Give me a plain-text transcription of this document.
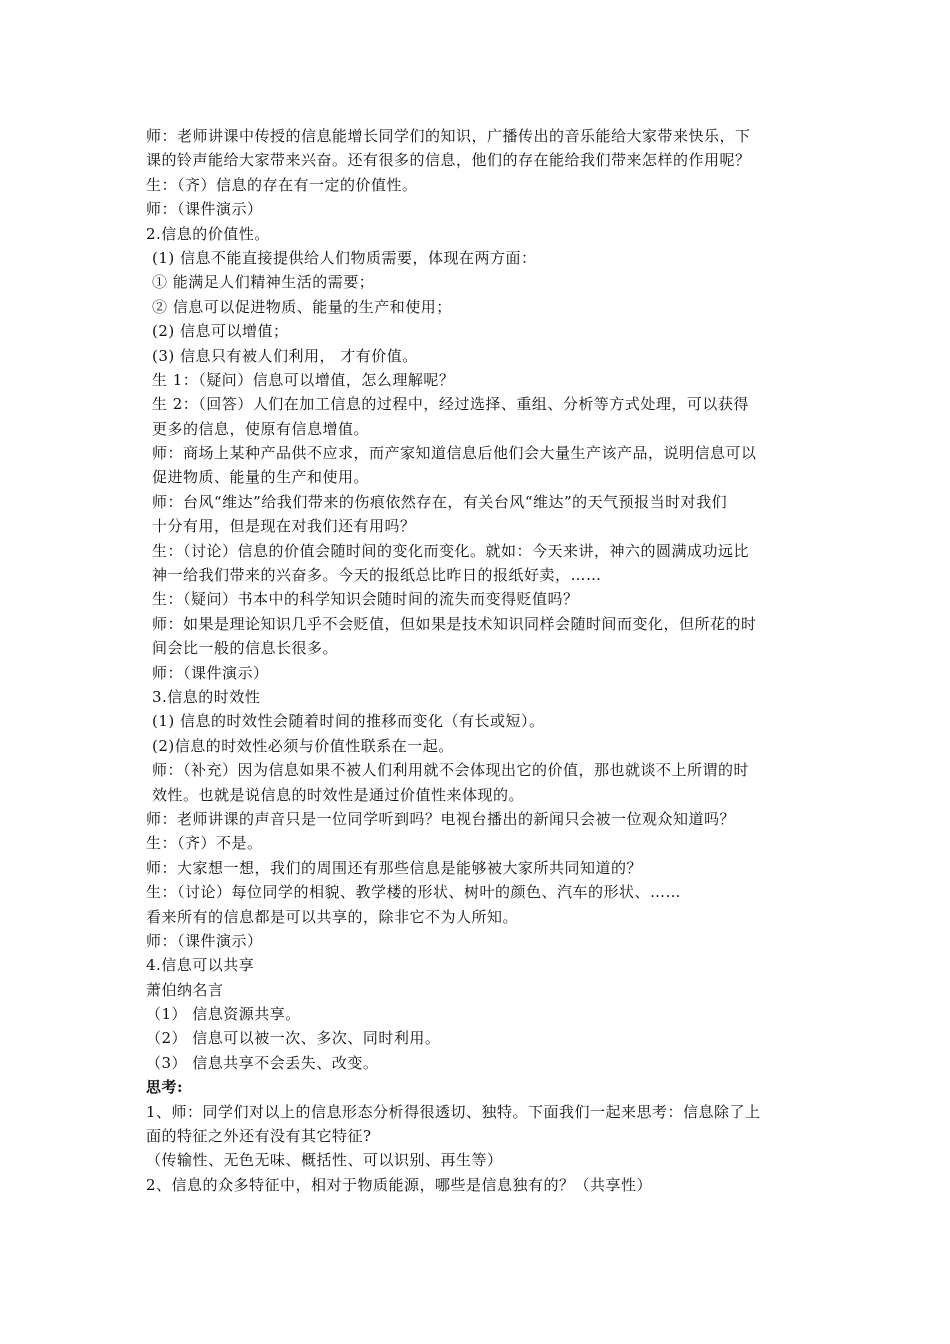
师：老师讲课中传授的信息能增长同学们的知识，广播传出的音乐能给大家带来快乐，下
课的铃声能给大家带来兴奋。还有很多的信息，他们的存在能给我们带来怎样的作用呢？
生：（齐）信息的存在有一定的价值性。
师：（课件演示）
2.信息的价值性。
(1) 信息不能直接提供给人们物质需要，体现在两方面：
① 能满足人们精神生活的需要；
② 信息可以促进物质、能量的生产和使用；
(2) 信息可以增值；
(3) 信息只有被人们利用， 才有价值。
生 1：（疑问）信息可以增值，怎么理解呢？
生 2：（回答）人们在加工信息的过程中，经过选择、重组、分析等方式处理，可以获得
更多的信息，使原有信息增值。
师：商场上某种产品供不应求，而产家知道信息后他们会大量生产该产品，说明信息可以
促进物质、能量的生产和使用。
师：台风“维达”给我们带来的伤痕依然存在，有关台风“维达”的天气预报当时对我们
十分有用，但是现在对我们还有用吗？
生：（讨论）信息的价值会随时间的变化而变化。就如：今天来讲，神六的圆满成功远比
神一给我们带来的兴奋多。今天的报纸总比昨日的报纸好卖，……
生：（疑问）书本中的科学知识会随时间的流失而变得贬值吗？
师：如果是理论知识几乎不会贬值，但如果是技术知识同样会随时间而变化，但所花的时
间会比一般的信息长很多。
师：（课件演示）
3.信息的时效性
(1) 信息的时效性会随着时间的推移而变化（有长或短）。
(2)信息的时效性必须与价值性联系在一起。
师：（补充）因为信息如果不被人们利用就不会体现出它的价值，那也就谈不上所谓的时
效性。也就是说信息的时效性是通过价值性来体现的。
师：老师讲课的声音只是一位同学听到吗？电视台播出的新闻只会被一位观众知道吗？
生：（齐）不是。
师：大家想一想，我们的周围还有那些信息是能够被大家所共同知道的？
生：（讨论）每位同学的相貌、教学楼的形状、树叶的颜色、汽车的形状、……
看来所有的信息都是可以共享的，除非它不为人所知。
师：（课件演示）
4.信息可以共享
萧伯纳名言
（1） 信息资源共享。
（2） 信息可以被一次、多次、同时利用。
（3） 信息共享不会丢失、改变。
思考:
1、师：同学们对以上的信息形态分析得很透切、独特。下面我们一起来思考：信息除了上
面的特征之外还有没有其它特征?
（传输性、无色无味、概括性、可以识别、再生等）
2、信息的众多特征中，相对于物质能源，哪些是信息独有的？（共享性）
